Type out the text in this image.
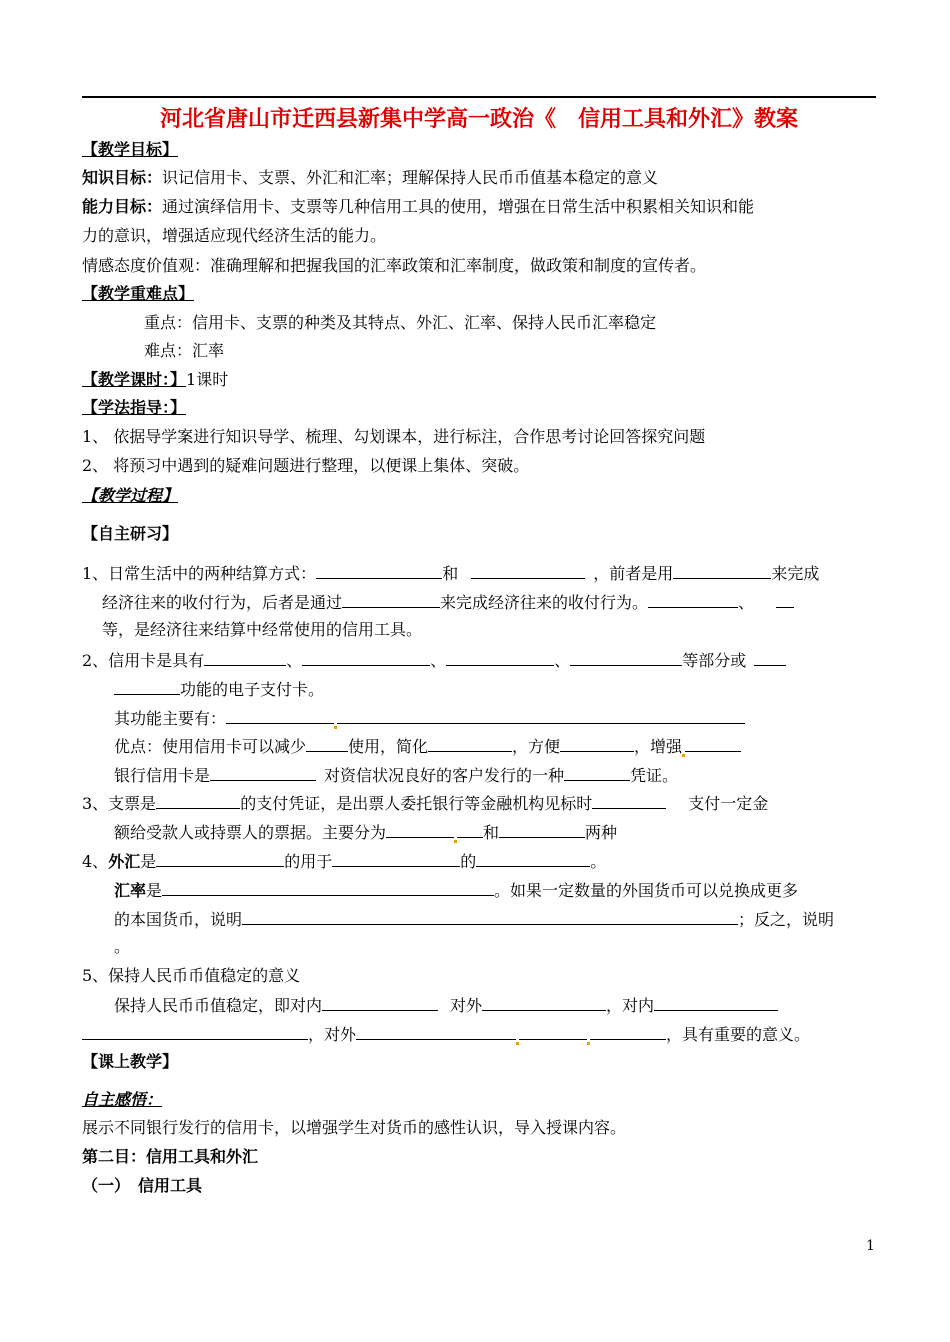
河北省唐山市迁西县新集中学高一政治《　信用工具和外汇》教案
【教学目标】
知识目标：识记信用卡、支票、外汇和汇率；理解保持人民币币值基本稳定的意义
能力目标：通过演绎信用卡、支票等几种信用工具的使用，增强在日常生活中积累相关知识和能
力的意识，增强适应现代经济生活的能力。
情感态度价值观：准确理解和把握我国的汇率政策和汇率制度，做政策和制度的宣传者。
【教学重难点】
重点：信用卡、支票的种类及其特点、外汇、汇率、保持人民币汇率稳定
难点：汇率
【教学课时：】1课时
【学法指导：】
1、 依据导学案进行知识导学、梳理、勾划课本，进行标注，合作思考讨论回答探究问题
2、 将预习中遇到的疑难问题进行整理，以便课上集体、突破。
【教学过程】
【自主研习】
1、日常生活中的两种结算方式：	和	，前者是用	来完成
经济往来的收付行为，后者是通过	来完成经济往来的收付行为。	、
等，是经济往来结算中经常使用的信用工具。
2、信用卡是具有	、	、	、	等部分或
功能的电子支付卡。
其功能主要有：
优点：使用信用卡可以减少	使用，简化	，方便	，增强
银行信用卡是	对资信状况良好的客户发行的一种	凭证。
3、支票是	的支付凭证，是出票人委托银行等金融机构见标时	支付一定金
额给受款人或持票人的票据。主要分为	和	两种
4、外汇是	的用于	的	。
汇率是	。如果一定数量的外国货币可以兑换成更多
的本国货币，说明	；反之，说明
。
5、保持人民币币值稳定的意义
保持人民币币值稳定，即对内	对外	，对内
，对外	，具有重要的意义。
【课上教学】
自主感悟：
展示不同银行发行的信用卡，以增强学生对货币的感性认识，导入授课内容。
第二目：信用工具和外汇
（一）　信用工具
1
